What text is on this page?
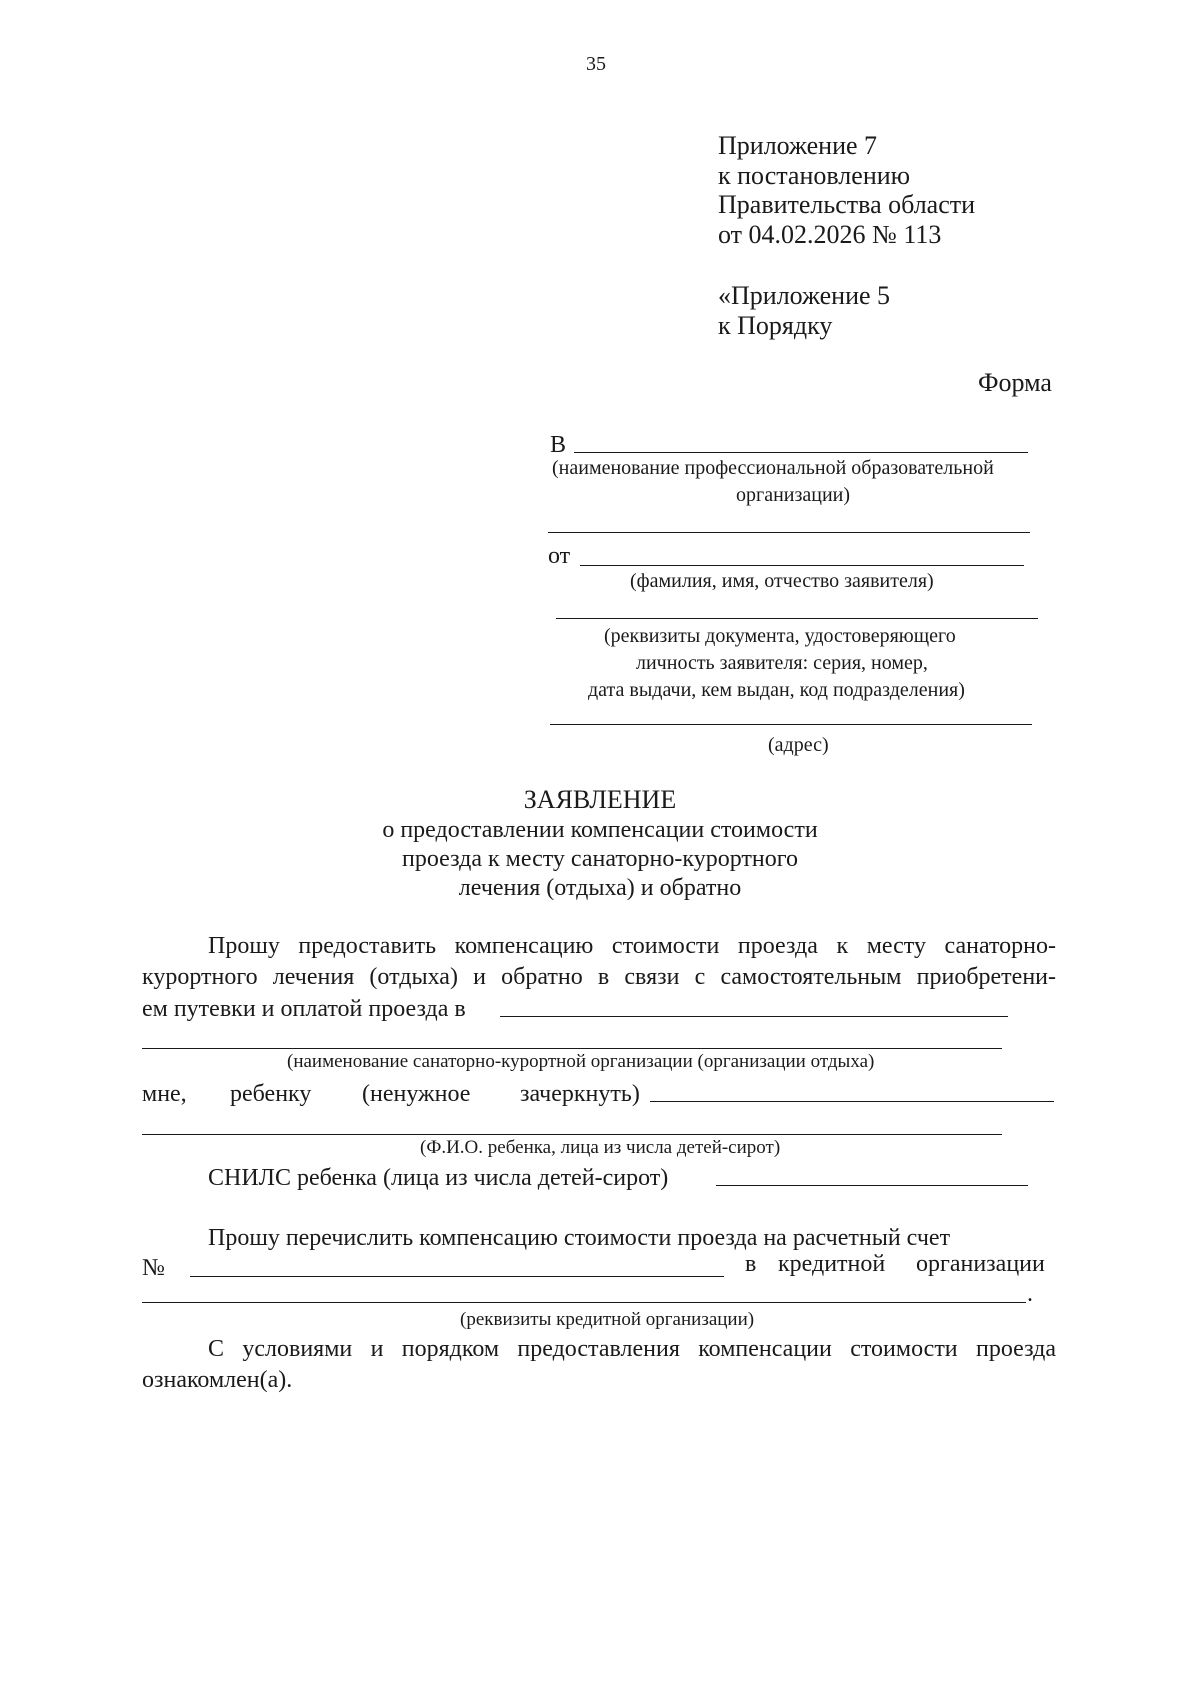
35
Приложение 7
к постановлению
Правительства области
от 04.02.2026 № 113
«Приложение 5
к Порядку
Форма
В
(наименование профессиональной образовательной
организации)
от
(фамилия, имя, отчество заявителя)
(реквизиты документа, удостоверяющего
личность заявителя: серия, номер,
дата выдачи, кем выдан, код подразделения)
(адрес)
ЗАЯВЛЕНИЕ
о предоставлении компенсации стоимости
проезда к месту санаторно-курортного
лечения (отдыха) и обратно
Прошу предоставить компенсацию стоимости проезда к месту санаторно-
курортного лечения (отдыха) и обратно в связи с самостоятельным приобретени-
ем путевки и оплатой проезда в
(наименование санаторно-курортной организации (организации отдыха)
мне, ребенку (ненужное зачеркнуть)
(Ф.И.О. ребенка, лица из числа детей-сирот)
СНИЛС ребенка (лица из числа детей-сирот)
Прошу перечислить компенсацию стоимости проезда на расчетный счет
№	в кредитной организации
.
(реквизиты кредитной организации)
С условиями и порядком предоставления компенсации стоимости проезда
ознакомлен(а).
